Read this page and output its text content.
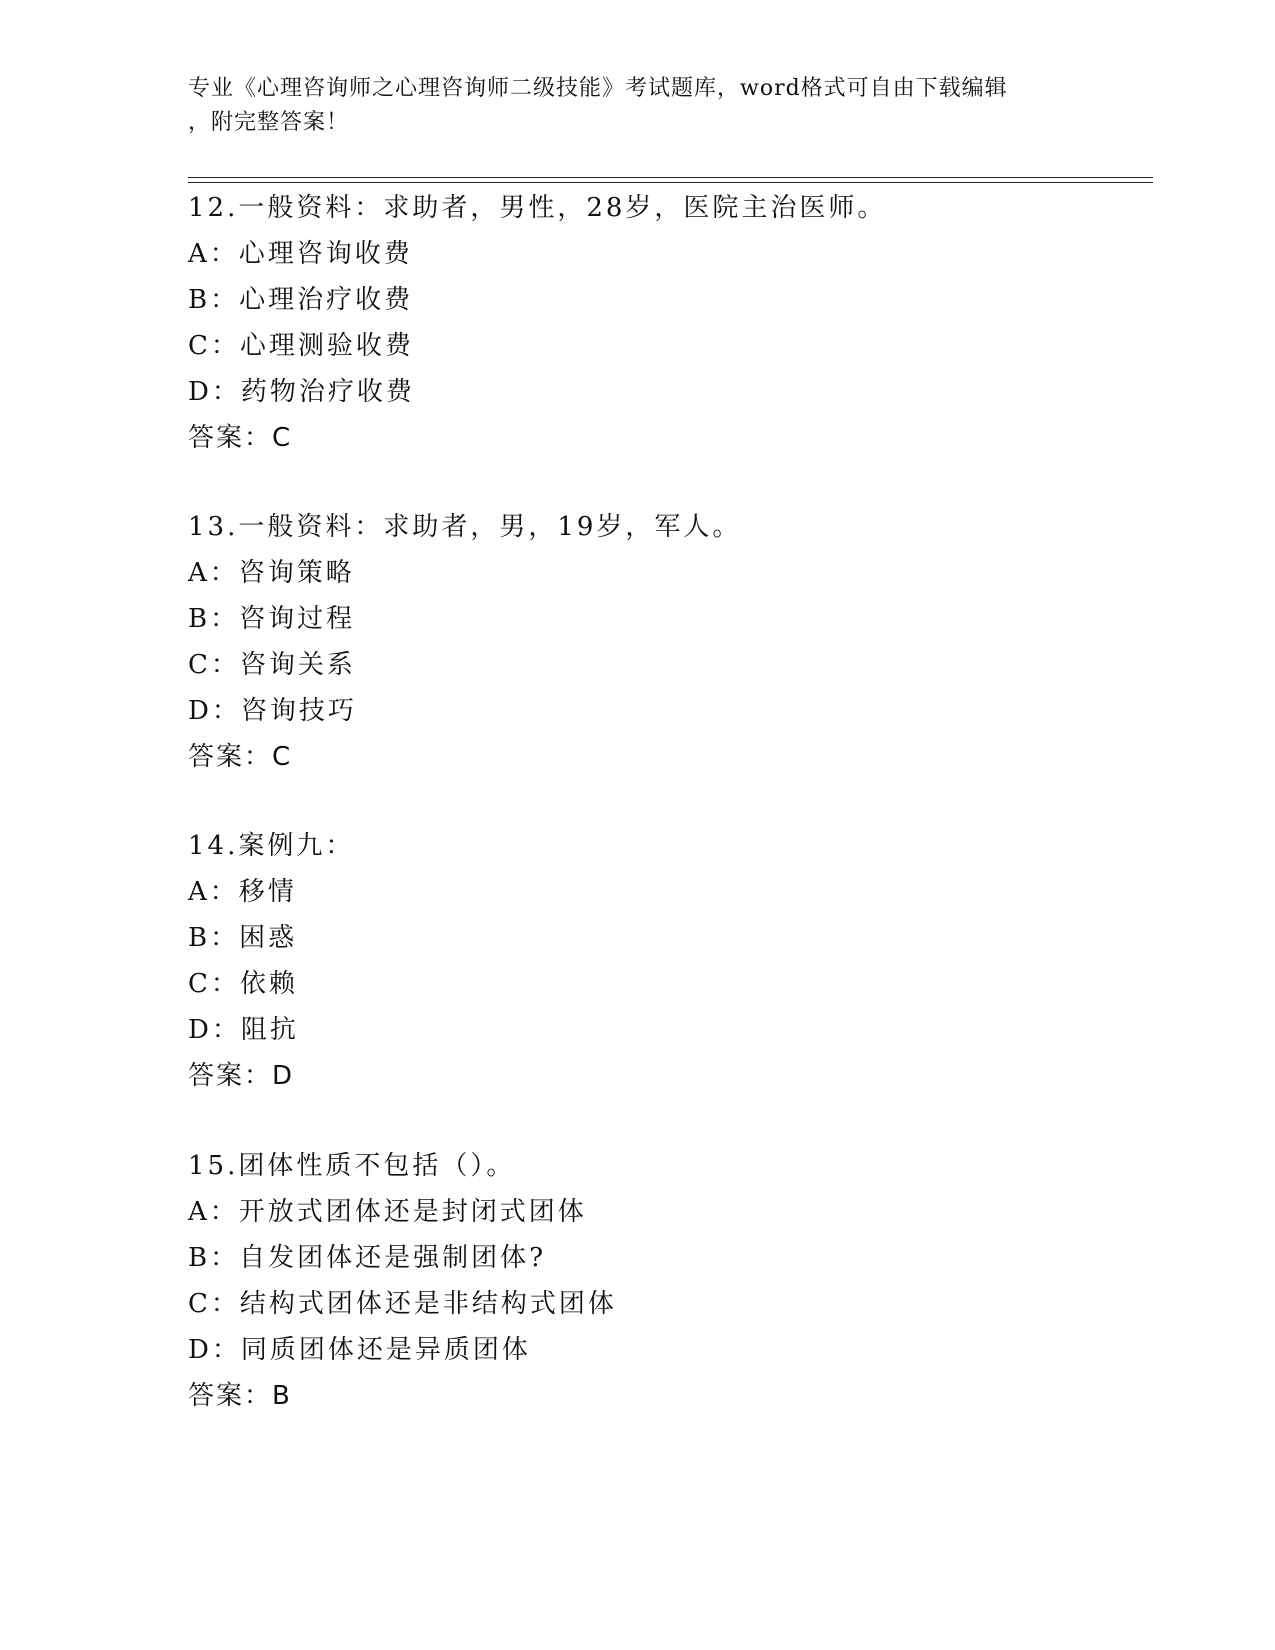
专业《心理咨询师之心理咨询师二级技能》考试题库，word格式可自由下载编辑
，附完整答案！
12.一般资料：求助者，男性，28岁，医院主治医师。
A：心理咨询收费
B：心理治疗收费
C：心理测验收费
D：药物治疗收费
答案：C
13.一般资料：求助者，男，19岁，军人。
A：咨询策略
B：咨询过程
C：咨询关系
D：咨询技巧
答案：C
14.案例九：
A：移情
B：困惑
C：依赖
D：阻抗
答案：D
15.团体性质不包括（）。
A：开放式团体还是封闭式团体
B：自发团体还是强制团体?
C：结构式团体还是非结构式团体
D：同质团体还是异质团体
答案：B
